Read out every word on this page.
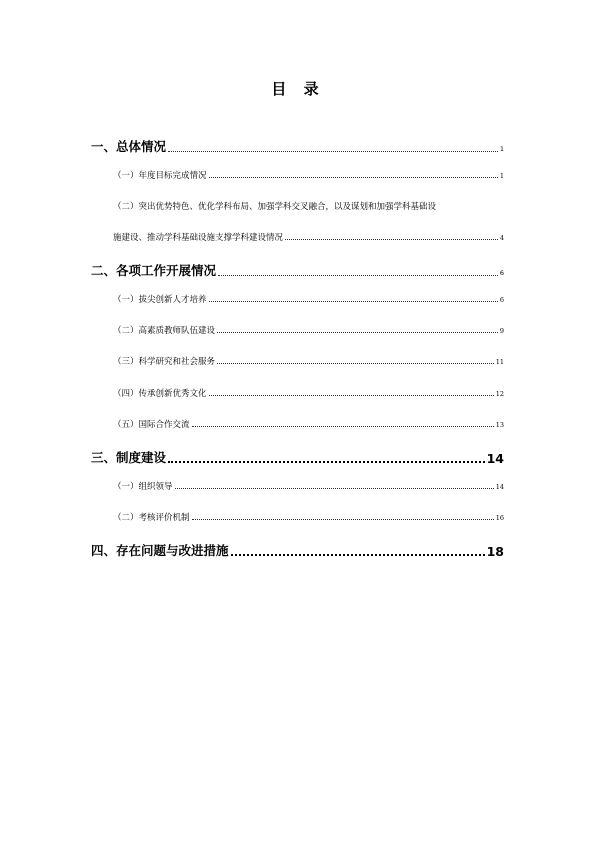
目 录
一、总体情况	1
（一）年度目标完成情况	1
（二）突出优势特色、优化学科布局、加强学科交叉融合，以及谋划和加强学科基础设
施建设、推动学科基础设施支撑学科建设情况	4
二、各项工作开展情况	6
（一）拔尖创新人才培养	6
（二）高素质教师队伍建设	9
（三）科学研究和社会服务	11
（四）传承创新优秀文化	12
（五）国际合作交流	13
三、制度建设	14
（一）组织领导	14
（二）考核评价机制	16
四、存在问题与改进措施	18
